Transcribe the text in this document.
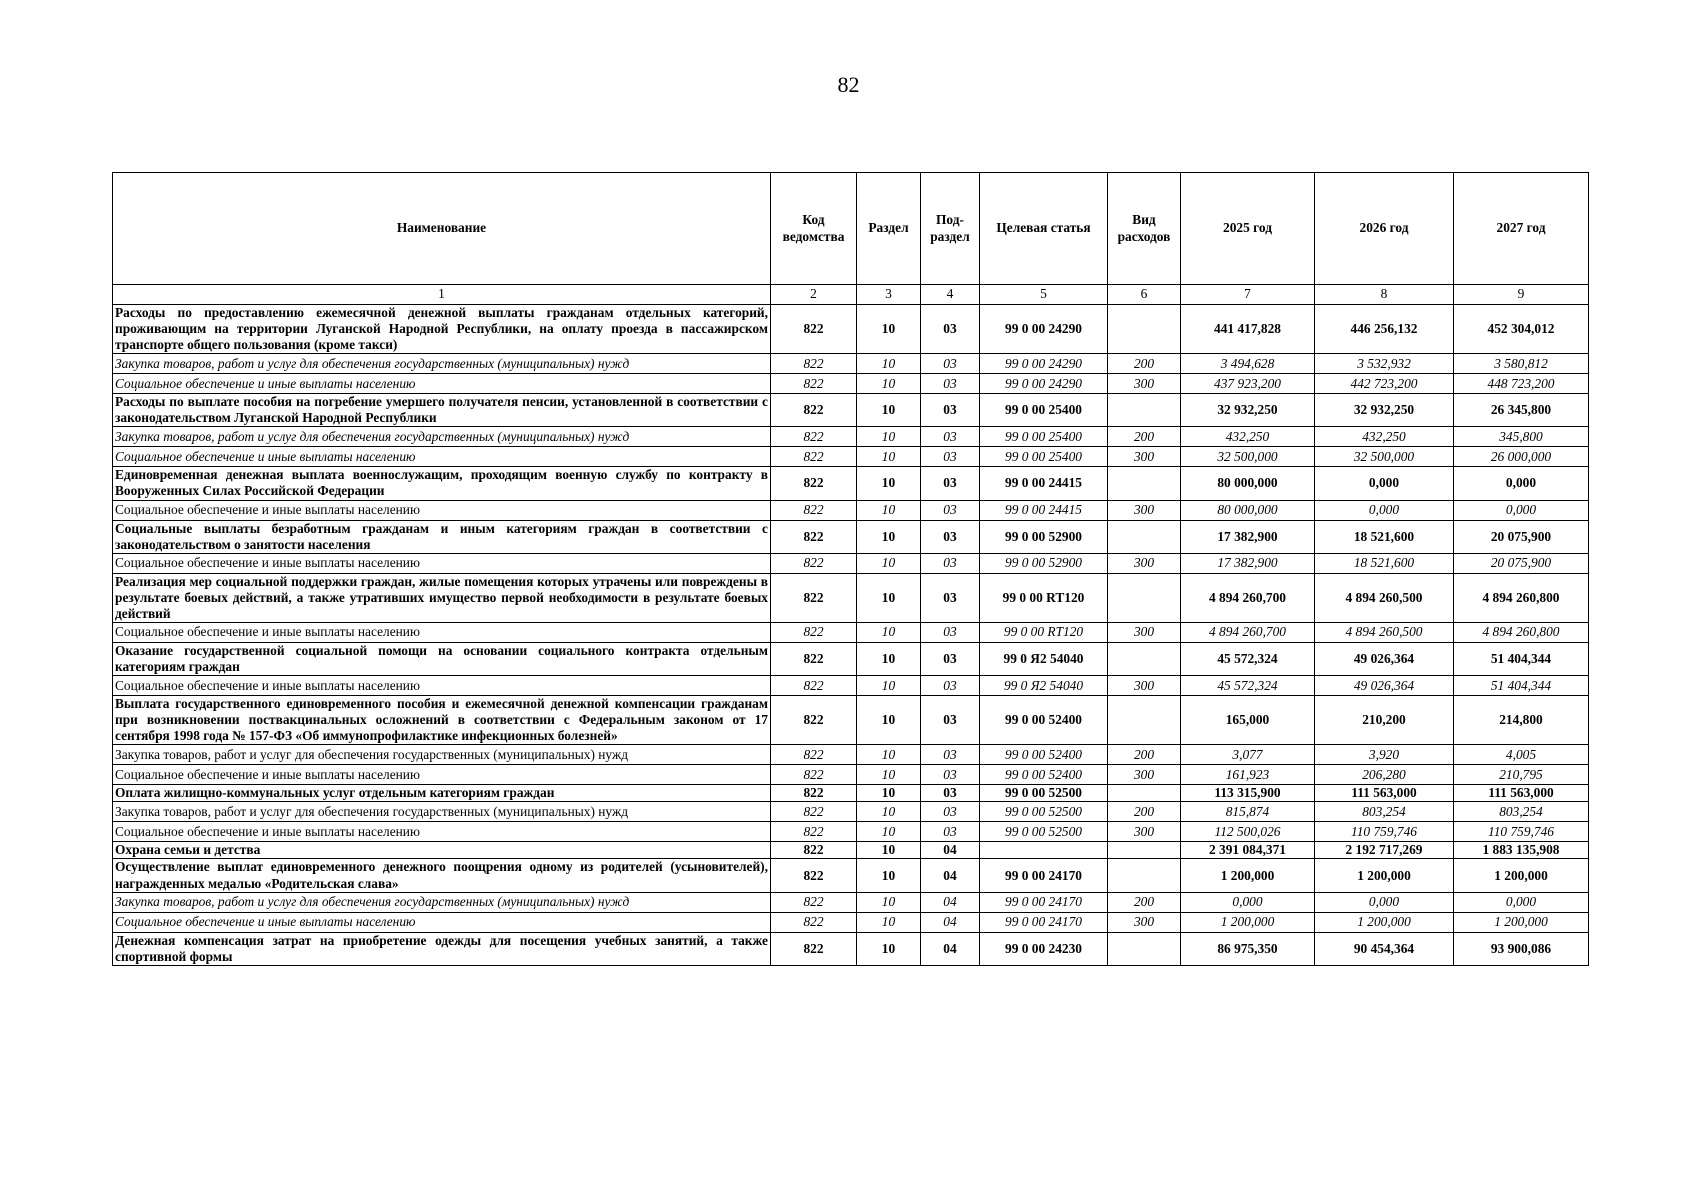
82
Наименование	Код ведомства	Раздел	Под-раздел	Целевая статья	Вид расходов	2025 год	2026 год	2027 год
1	2	3	4	5	6	7	8	9
Расходы по предоставлению ежемесячной денежной выплаты гражданам отдельных категорий, проживающим на территории Луганской Народной Республики, на оплату проезда в пассажирском транспорте общего пользования (кроме такси)	822	10	03	99 0 00 24290		441 417,828	446 256,132	452 304,012
Закупка товаров, работ и услуг для обеспечения государственных (муниципальных) нужд	822	10	03	99 0 00 24290	200	3 494,628	3 532,932	3 580,812
Социальное обеспечение и иные выплаты населению	822	10	03	99 0 00 24290	300	437 923,200	442 723,200	448 723,200
Расходы по выплате пособия на погребение умершего получателя пенсии, установленной в соответствии с законодательством Луганской Народной Республики	822	10	03	99 0 00 25400		32 932,250	32 932,250	26 345,800
Закупка товаров, работ и услуг для обеспечения государственных (муниципальных) нужд	822	10	03	99 0 00 25400	200	432,250	432,250	345,800
Социальное обеспечение и иные выплаты населению	822	10	03	99 0 00 25400	300	32 500,000	32 500,000	26 000,000
Единовременная денежная выплата военнослужащим, проходящим военную службу по контракту в Вооруженных Силах Российской Федерации	822	10	03	99 0 00 24415		80 000,000	0,000	0,000
Социальное обеспечение и иные выплаты населению	822	10	03	99 0 00 24415	300	80 000,000	0,000	0,000
Социальные выплаты безработным гражданам и иным категориям граждан в соответствии с законодательством о занятости населения	822	10	03	99 0 00 52900		17 382,900	18 521,600	20 075,900
Социальное обеспечение и иные выплаты населению	822	10	03	99 0 00 52900	300	17 382,900	18 521,600	20 075,900
Реализация мер социальной поддержки граждан, жилые помещения которых утрачены или повреждены в результате боевых действий, а также утративших имущество первой необходимости в результате боевых действий	822	10	03	99 0 00 RT120		4 894 260,700	4 894 260,500	4 894 260,800
Социальное обеспечение и иные выплаты населению	822	10	03	99 0 00 RT120	300	4 894 260,700	4 894 260,500	4 894 260,800
Оказание государственной социальной помощи на основании социального контракта отдельным категориям граждан	822	10	03	99 0 Я2 54040		45 572,324	49 026,364	51 404,344
Социальное обеспечение и иные выплаты населению	822	10	03	99 0 Я2 54040	300	45 572,324	49 026,364	51 404,344
Выплата государственного единовременного пособия и ежемесячной денежной компенсации гражданам при возникновении поствакцинальных осложнений в соответствии с Федеральным законом от 17 сентября 1998 года № 157-ФЗ «Об иммунопрофилактике инфекционных болезней»	822	10	03	99 0 00 52400		165,000	210,200	214,800
Закупка товаров, работ и услуг для обеспечения государственных (муниципальных) нужд	822	10	03	99 0 00 52400	200	3,077	3,920	4,005
Социальное обеспечение и иные выплаты населению	822	10	03	99 0 00 52400	300	161,923	206,280	210,795
Оплата жилищно-коммунальных услуг отдельным категориям граждан	822	10	03	99 0 00 52500		113 315,900	111 563,000	111 563,000
Закупка товаров, работ и услуг для обеспечения государственных (муниципальных) нужд	822	10	03	99 0 00 52500	200	815,874	803,254	803,254
Социальное обеспечение и иные выплаты населению	822	10	03	99 0 00 52500	300	112 500,026	110 759,746	110 759,746
Охрана семьи и детства	822	10	04			2 391 084,371	2 192 717,269	1 883 135,908
Осуществление выплат единовременного денежного поощрения одному из родителей (усыновителей), награжденных медалью «Родительская слава»	822	10	04	99 0 00 24170		1 200,000	1 200,000	1 200,000
Закупка товаров, работ и услуг для обеспечения государственных (муниципальных) нужд	822	10	04	99 0 00 24170	200	0,000	0,000	0,000
Социальное обеспечение и иные выплаты населению	822	10	04	99 0 00 24170	300	1 200,000	1 200,000	1 200,000
Денежная компенсация затрат на приобретение одежды для посещения учебных занятий, а также спортивной формы	822	10	04	99 0 00 24230		86 975,350	90 454,364	93 900,086
